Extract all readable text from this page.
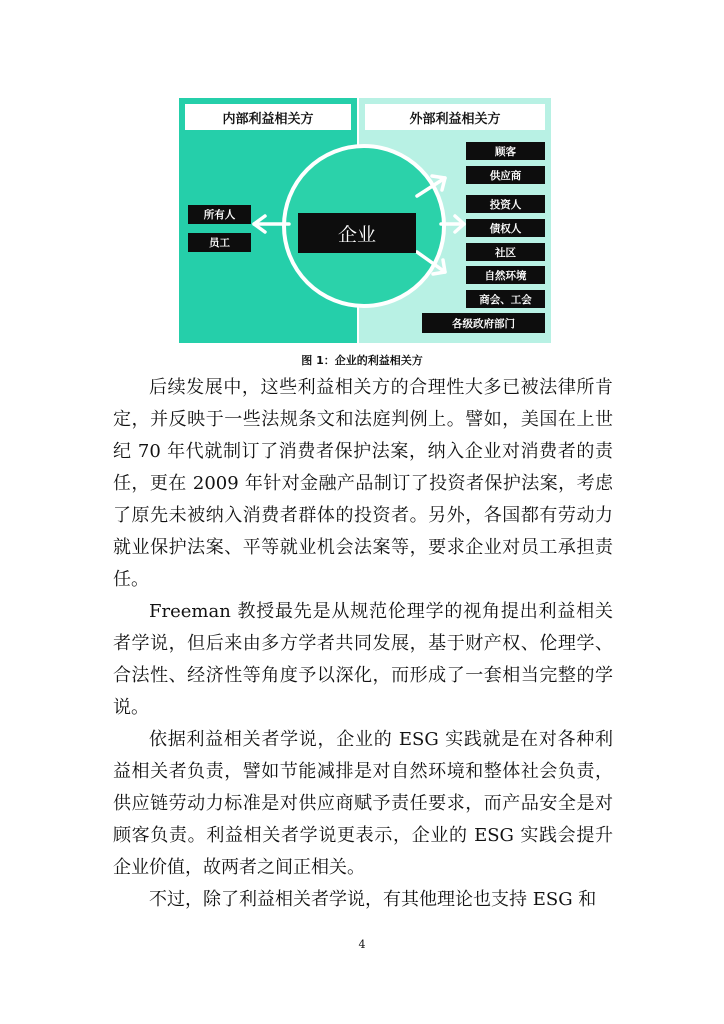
内部利益相关方	外部利益相关方
企业
所有人
员工
顾客
供应商
投资人
债权人
社区
自然环境
商会、工会
各级政府部门
图 1：企业的利益相关方

后续发展中，这些利益相关方的合理性大多已被法律所肯定，并反映于一些法规条文和法庭判例上。譬如，美国在上世纪 70 年代就制订了消费者保护法案，纳入企业对消费者的责任，更在 2009 年针对金融产品制订了投资者保护法案，考虑了原先未被纳入消费者群体的投资者。另外，各国都有劳动力就业保护法案、平等就业机会法案等，要求企业对员工承担责任。

Freeman 教授最先是从规范伦理学的视角提出利益相关者学说，但后来由多方学者共同发展，基于财产权、伦理学、合法性、经济性等角度予以深化，而形成了一套相当完整的学说。

依据利益相关者学说，企业的 ESG 实践就是在对各种利益相关者负责，譬如节能减排是对自然环境和整体社会负责，供应链劳动力标准是对供应商赋予责任要求，而产品安全是对顾客负责。利益相关者学说更表示，企业的 ESG 实践会提升企业价值，故两者之间正相关。

不过，除了利益相关者学说，有其他理论也支持 ESG 和

4
